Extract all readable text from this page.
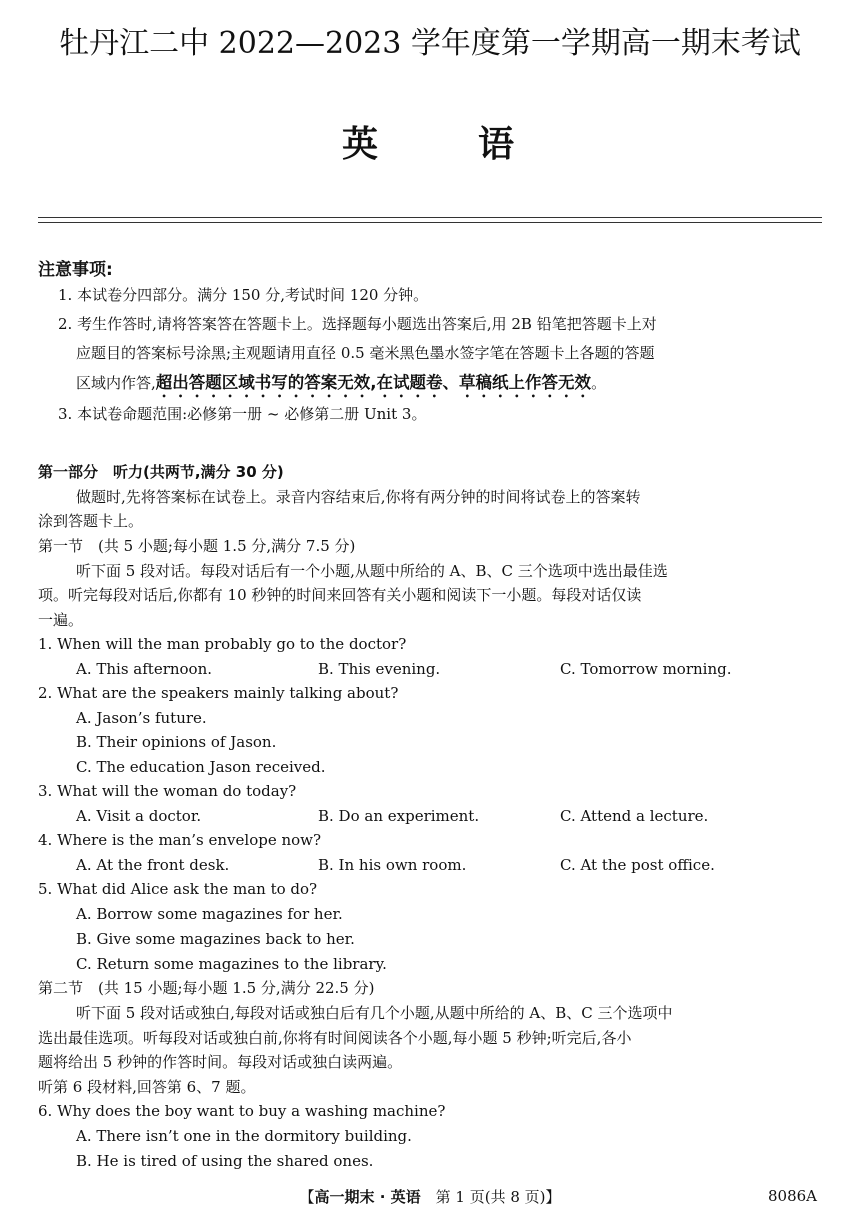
牡丹江二中 2022—2023 学年度第一学期高一期末考试
英	语
注意事项:
1. 本试卷分四部分。满分 150 分,考试时间 120 分钟。
2. 考生作答时,请将答案答在答题卡上。选择题每小题选出答案后,用 2B 铅笔把答题卡上对
应题目的答案标号涂黑;主观题请用直径 0.5 毫米黑色墨水签字笔在答题卡上各题的答题
区域内作答,超出答题区域书写的答案无效,在试题卷、草稿纸上作答无效。
3. 本试卷命题范围:必修第一册 ~ 必修第二册 Unit 3。
第一部分　听力(共两节,满分 30 分)
做题时,先将答案标在试卷上。录音内容结束后,你将有两分钟的时间将试卷上的答案转
涂到答题卡上。
第一节　(共 5 小题;每小题 1.5 分,满分 7.5 分)
听下面 5 段对话。每段对话后有一个小题,从题中所给的 A、B、C 三个选项中选出最佳选
项。听完每段对话后,你都有 10 秒钟的时间来回答有关小题和阅读下一小题。每段对话仅读
一遍。
1. When will the man probably go to the doctor?
A. This afternoon.	B. This evening.	C. Tomorrow morning.
2. What are the speakers mainly talking about?
A. Jason’s future.
B. Their opinions of Jason.
C. The education Jason received.
3. What will the woman do today?
A. Visit a doctor.	B. Do an experiment.	C. Attend a lecture.
4. Where is the man’s envelope now?
A. At the front desk.	B. In his own room.	C. At the post office.
5. What did Alice ask the man to do?
A. Borrow some magazines for her.
B. Give some magazines back to her.
C. Return some magazines to the library.
第二节　(共 15 小题;每小题 1.5 分,满分 22.5 分)
听下面 5 段对话或独白,每段对话或独白后有几个小题,从题中所给的 A、B、C 三个选项中
选出最佳选项。听每段对话或独白前,你将有时间阅读各个小题,每小题 5 秒钟;听完后,各小
题将给出 5 秒钟的作答时间。每段对话或独白读两遍。
听第 6 段材料,回答第 6、7 题。
6. Why does the boy want to buy a washing machine?
A. There isn’t one in the dormitory building.
B. He is tired of using the shared ones.
【高一期末 · 英语　第 1 页(共 8 页)】	8086A
